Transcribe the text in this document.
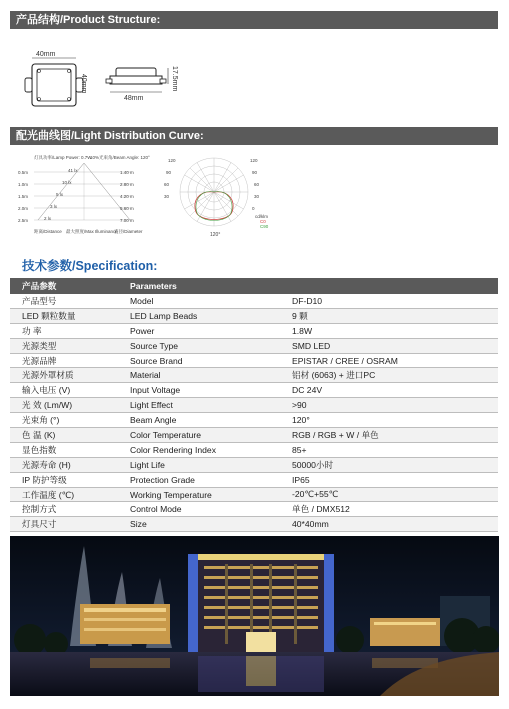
产品结构/Product Structure:
配光曲线图/Light Distribution Curve:
40mm
40mm
48mm
17.5mm
灯具功率/Lamp Power: 0.7W
10%光束角/Beam Angle: 120°
0.5m
1.0m
1.5m
2.0m
2.5m
41 lx
10 lx
5 lx
3 lx
2 lx
1.40 m
2.80 m
4.20 m
5.60 m
7.00 m
距离/Distance 最大照度/Max Illuminance
直径/Diameter
120
90
60
30
0
120
90
60
30
120°
cd/klm
C0
C90
技术参数/Specification:
产品参数	Parameters	
产品型号	Model	DF-D10
LED 颗粒数量	LED Lamp Beads	9 颗
功 率	Power	1.8W
光源类型	Source Type	SMD LED
光源品牌	Source Brand	EPISTAR / CREE / OSRAM
光源外罩材质	Material	铝材 (6063) + 进口PC
输入电压 (V)	Input Voltage	DC 24V
光 效 (Lm/W)	Light Effect	>90
光束角 (°)	Beam Angle	120°
色 温 (K)	Color Temperature	RGB / RGB + W / 单色
显色指数	Color Rendering Index	85+
光源寿命 (H)	Light Life	50000小时
IP 防护等级	Protection Grade	IP65
工作温度 (℃)	Working Temperature	-20℃+55℃
控制方式	Control Mode	单色 / DMX512
灯具尺寸	Size	40*40mm
